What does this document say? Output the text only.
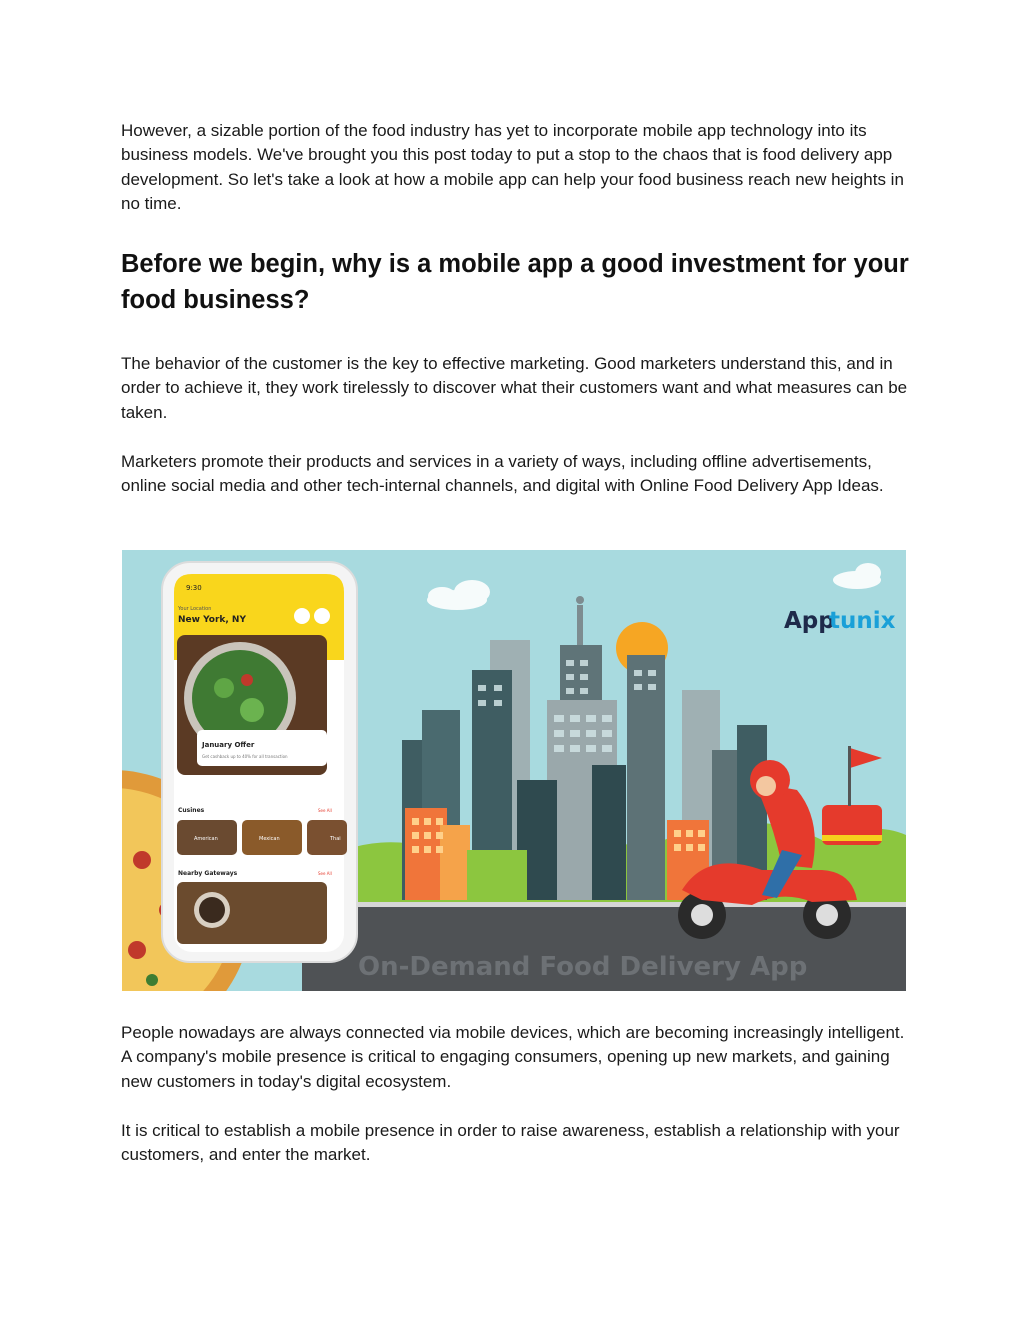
However, a sizable portion of the food industry has yet to incorporate mobile app technology into its business models. We've brought you this post today to put a stop to the chaos that is food delivery app development. So let's take a look at how a mobile app can help your food business reach new heights in no time.

Before we begin, why is a mobile app a good investment for your food business?

The behavior of the customer is the key to effective marketing. Good marketers understand this, and in order to achieve it, they work tirelessly to discover what their customers want and what measures can be taken.

Marketers promote their products and services in a variety of ways, including offline advertisements, online social media and other tech-internal channels, and digital with Online Food Delivery App Ideas.

9:30
Your Location
New York, NY
January Offer
Get cashback up to 40% for all transaction
Cusines	See All
American	Mexican	Thai
Nearby Gateways	See All
App
tunix
On-Demand Food Delivery App

People nowadays are always connected via mobile devices, which are becoming increasingly intelligent. A company's mobile presence is critical to engaging consumers, opening up new markets, and gaining new customers in today's digital ecosystem.

It is critical to establish a mobile presence in order to raise awareness, establish a relationship with your customers, and enter the market.
